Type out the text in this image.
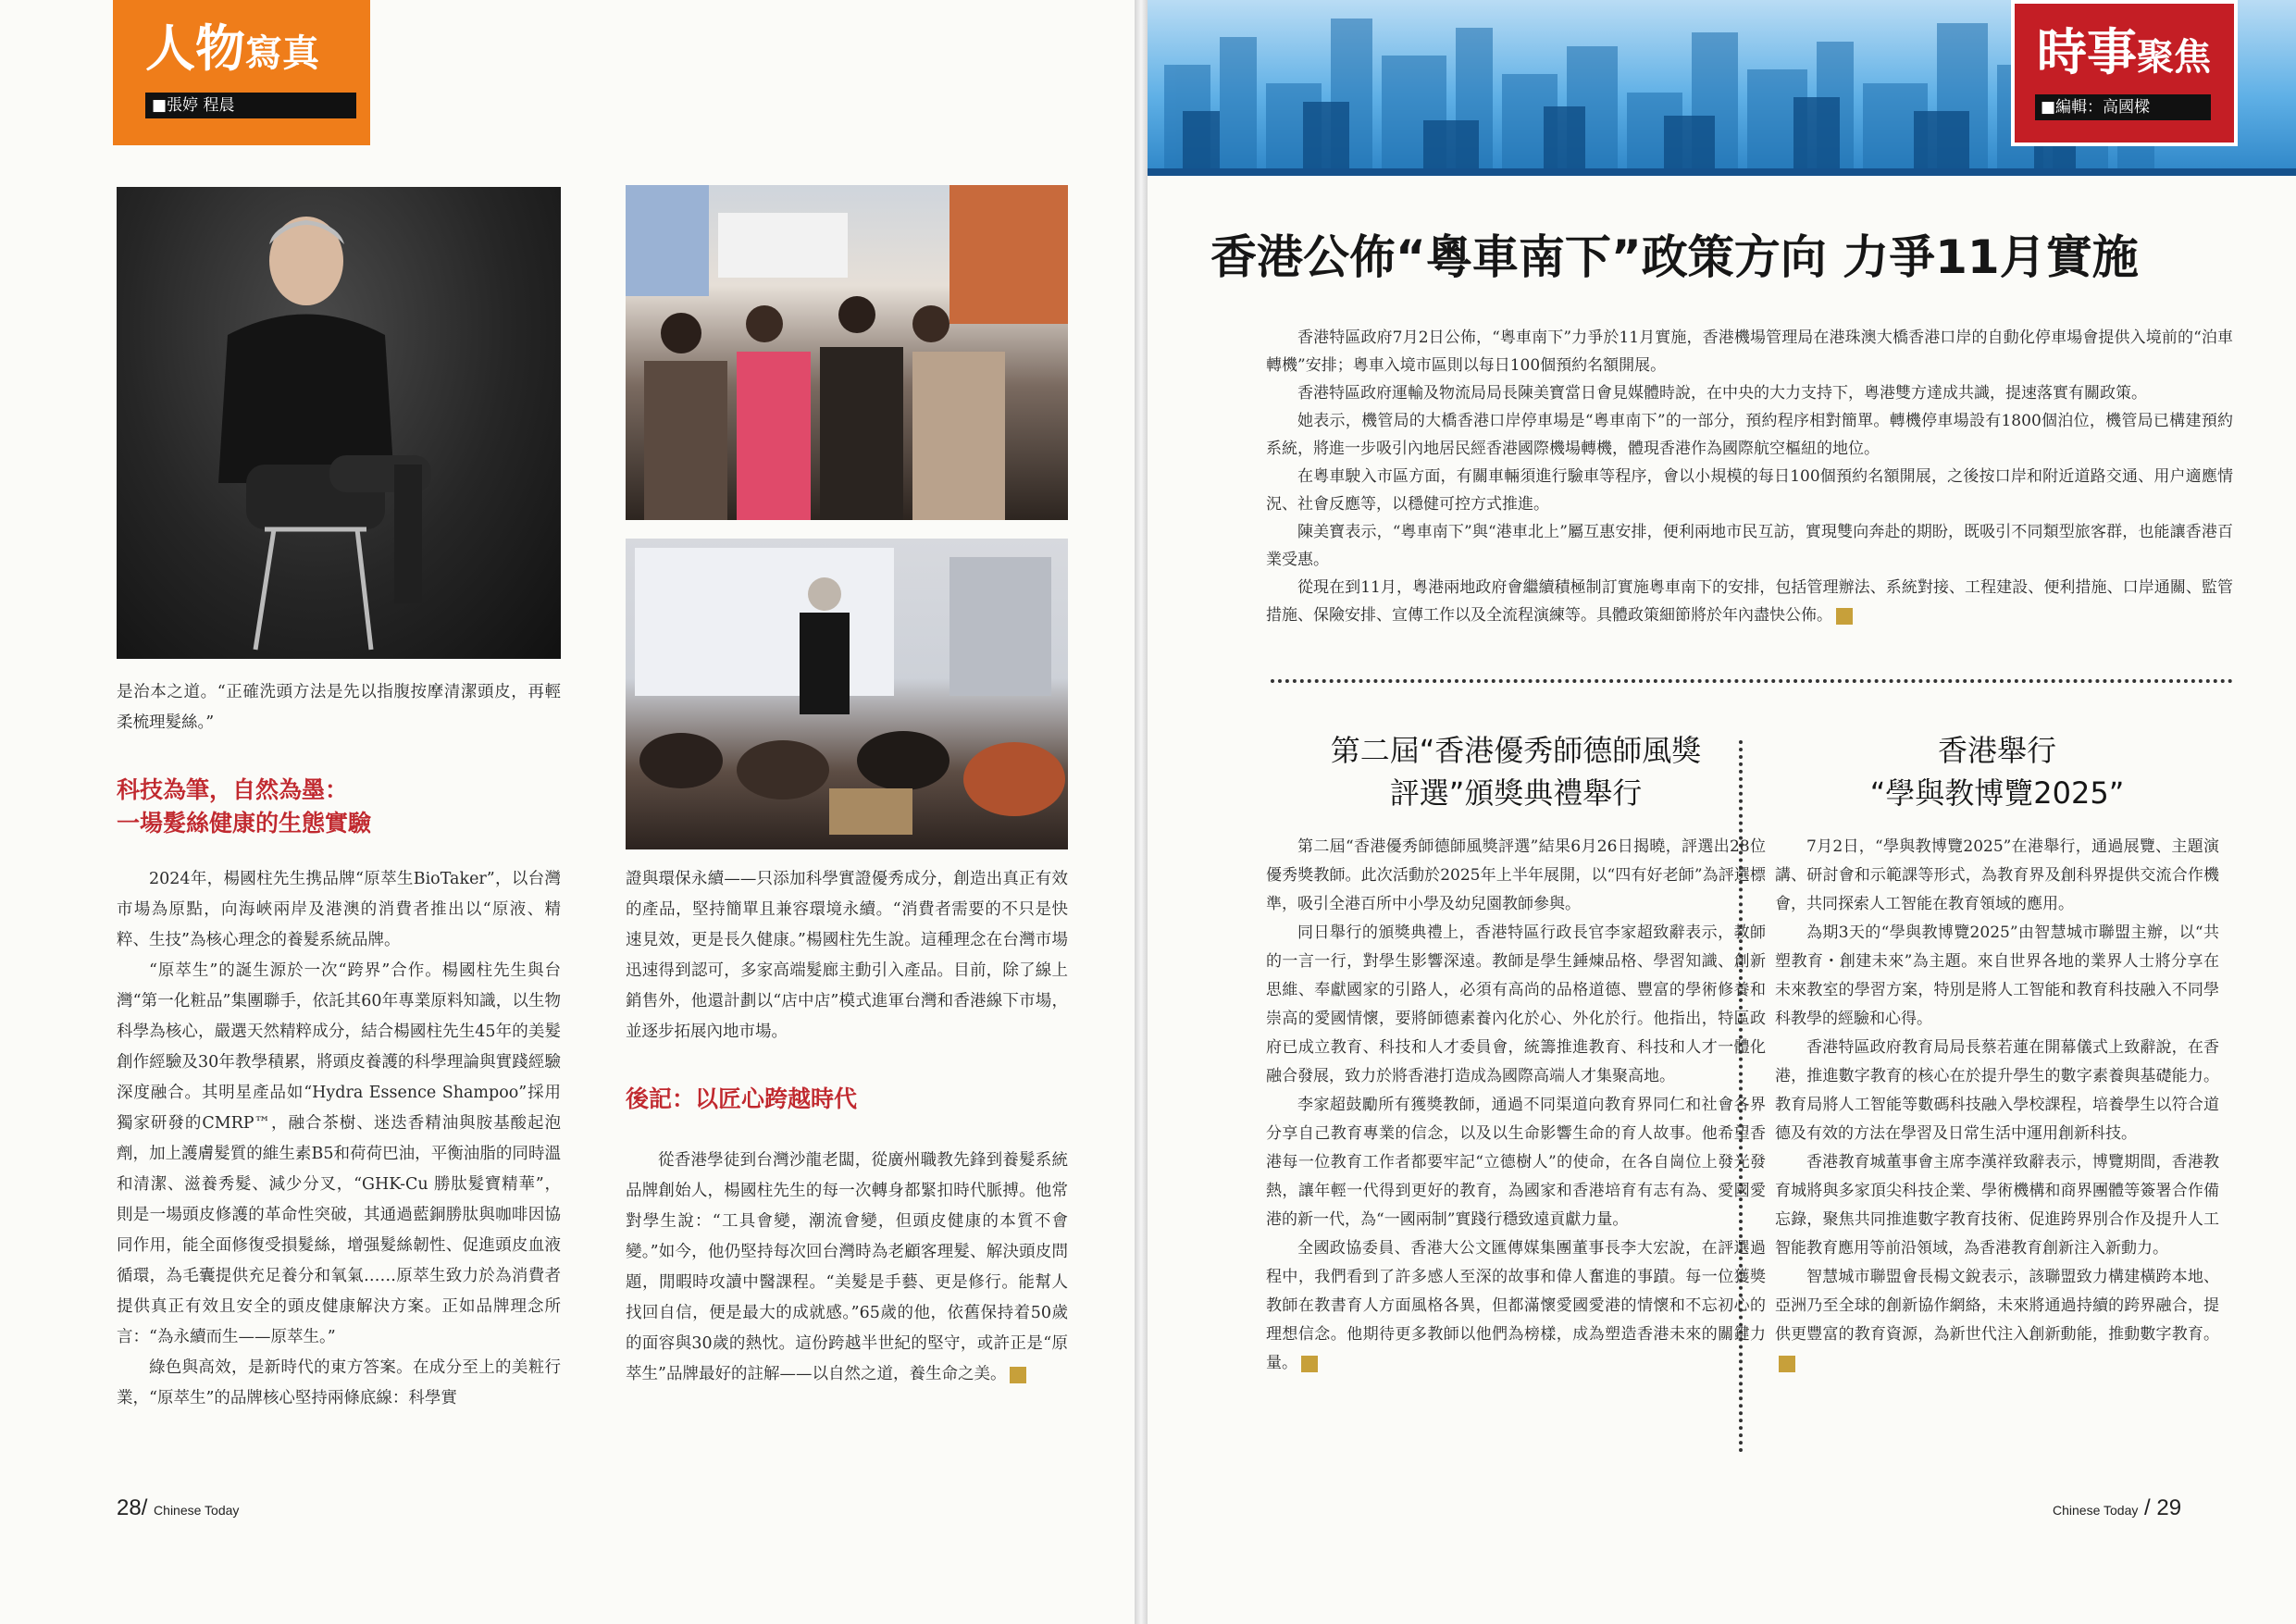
人物寫真
■張婷 程晨

是治本之道。“正確洗頭方法是先以指腹按摩清潔頭皮，再輕柔梳理髮絲。”

科技為筆，自然為墨：
一場髮絲健康的生態實驗

2024年，楊國柱先生携品牌“原萃生BioTaker”，以台灣市場為原點，向海峽兩岸及港澳的消費者推出以“原液、精粹、生技”為核心理念的養髮系統品牌。

“原萃生”的誕生源於一次“跨界”合作。楊國柱先生與台灣“第一化粧品”集團聯手，依託其60年專業原料知識，以生物科學為核心，嚴選天然精粹成分，結合楊國柱先生45年的美髮創作經驗及30年教學積累，將頭皮養護的科學理論與實踐經驗深度融合。其明星產品如“Hydra Essence Shampoo”採用獨家研發的CMRP™，融合茶樹、迷迭香精油與胺基酸起泡劑，加上護膚髮質的維生素B5和荷荷巴油，平衡油脂的同時溫和清潔、滋養秀髮、減少分叉，“GHK-Cu 勝肽髮寶精華”，則是一場頭皮修護的革命性突破，其通過藍銅勝肽與咖啡因協同作用，能全面修復受損髮絲，增强髮絲韌性、促進頭皮血液循環，為毛囊提供充足養分和氧氣……原萃生致力於為消費者提供真正有效且安全的頭皮健康解決方案。正如品牌理念所言：“為永續而生——原萃生。”

綠色與高效，是新時代的東方答案。在成分至上的美粧行業，“原萃生”的品牌核心堅持兩條底線：科學實

證與環保永續——只添加科學實證優秀成分，創造出真正有效的產品，堅持簡單且兼容環境永續。“消費者需要的不只是快速見效，更是長久健康。”楊國柱先生說。這種理念在台灣市場迅速得到認可，多家高端髮廊主動引入產品。目前，除了線上銷售外，他還計劃以“店中店”模式進軍台灣和香港線下市場，並逐步拓展內地市場。

後記：以匠心跨越時代

從香港學徒到台灣沙龍老闆，從廣州職教先鋒到養髮系統品牌創始人，楊國柱先生的每一次轉身都緊扣時代脈搏。他常對學生說：“工具會變，潮流會變，但頭皮健康的本質不會變。”如今，他仍堅持每次回台灣時為老顧客理髮、解決頭皮問題，閒暇時攻讀中醫課程。“美髮是手藝、更是修行。能幫人找回自信，便是最大的成就感。”65歲的他，依舊保持着50歲的面容與30歲的熱忱。這份跨越半世紀的堅守，或許正是“原萃生”品牌最好的註解——以自然之道，養生命之美。

28/ Chinese Today
時事聚焦
■編輯：高國樑
香港公佈“粵車南下”政策方向 力爭11月實施

香港特區政府7月2日公佈，“粵車南下”力爭於11月實施，香港機場管理局在港珠澳大橋香港口岸的自動化停車場會提供入境前的“泊車轉機”安排；粵車入境市區則以每日100個預約名額開展。

香港特區政府運輸及物流局局長陳美寶當日會見媒體時說，在中央的大力支持下，粵港雙方達成共識，提速落實有關政策。

她表示，機管局的大橋香港口岸停車場是“粵車南下”的一部分，預約程序相對簡單。轉機停車場設有1800個泊位，機管局已構建預約系統，將進一步吸引內地居民經香港國際機場轉機，體現香港作為國際航空樞紐的地位。

在粵車駛入市區方面，有關車輛須進行驗車等程序，會以小規模的每日100個預約名額開展，之後按口岸和附近道路交通、用户適應情況、社會反應等，以穩健可控方式推進。

陳美寶表示，“粵車南下”與“港車北上”屬互惠安排，便利兩地市民互訪，實現雙向奔赴的期盼，既吸引不同類型旅客群，也能讓香港百業受惠。

從現在到11月，粵港兩地政府會繼續積極制訂實施粵車南下的安排，包括管理辦法、系統對接、工程建設、便利措施、口岸通關、監管措施、保險安排、宣傳工作以及全流程演練等。具體政策細節將於年內盡快公佈。

第二屆“香港優秀師德師風獎
評選”頒獎典禮舉行

第二屆“香港優秀師德師風獎評選”結果6月26日揭曉，評選出28位優秀獎教師。此次活動於2025年上半年展開，以“四有好老師”為評選標準，吸引全港百所中小學及幼兒園教師參與。

同日舉行的頒獎典禮上，香港特區行政長官李家超致辭表示，教師的一言一行，對學生影響深遠。教師是學生錘煉品格、學習知識、創新思維、奉獻國家的引路人，必須有高尚的品格道德、豐富的學術修養和崇高的愛國情懷，要將師德素養內化於心、外化於行。他指出，特區政府已成立教育、科技和人才委員會，統籌推進教育、科技和人才一體化融合發展，致力於將香港打造成為國際高端人才集聚高地。

李家超鼓勵所有獲獎教師，通過不同渠道向教育界同仁和社會各界分享自己教育專業的信念，以及以生命影響生命的育人故事。他希望香港每一位教育工作者都要牢記“立德樹人”的使命，在各自崗位上發光發熱，讓年輕一代得到更好的教育，為國家和香港培育有志有為、愛國愛港的新一代，為“一國兩制”實踐行穩致遠貢獻力量。

全國政協委員、香港大公文匯傳媒集團董事長李大宏說，在評選過程中，我們看到了許多感人至深的故事和偉人奮進的事蹟。每一位獲獎教師在教書育人方面風格各異，但都滿懷愛國愛港的情懷和不忘初心的理想信念。他期待更多教師以他們為榜樣，成為塑造香港未來的關鍵力量。

香港舉行
“學與教博覽2025”

7月2日，“學與教博覽2025”在港舉行，通過展覽、主題演講、研討會和示範課等形式，為教育界及創科界提供交流合作機會，共同探索人工智能在教育領域的應用。

為期3天的“學與教博覽2025”由智慧城市聯盟主辦，以“共塑教育・創建未來”為主題。來自世界各地的業界人士將分享在未來教室的學習方案，特別是將人工智能和教育科技融入不同學科教學的經驗和心得。

香港特區政府教育局局長蔡若蓮在開幕儀式上致辭說，在香港，推進數字教育的核心在於提升學生的數字素養與基礎能力。教育局將人工智能等數碼科技融入學校課程，培養學生以符合道德及有效的方法在學習及日常生活中運用創新科技。

香港教育城董事會主席李漢祥致辭表示，博覽期間，香港教育城將與多家頂尖科技企業、學術機構和商界團體等簽署合作備忘錄，聚焦共同推進數字教育技術、促進跨界別合作及提升人工智能教育應用等前沿領域，為香港教育創新注入新動力。

智慧城市聯盟會長楊文銳表示，該聯盟致力構建橫跨本地、亞洲乃至全球的創新協作網絡，未來將通過持續的跨界融合，提供更豐富的教育資源，為新世代注入創新動能，推動數字教育。

Chinese Today / 29
